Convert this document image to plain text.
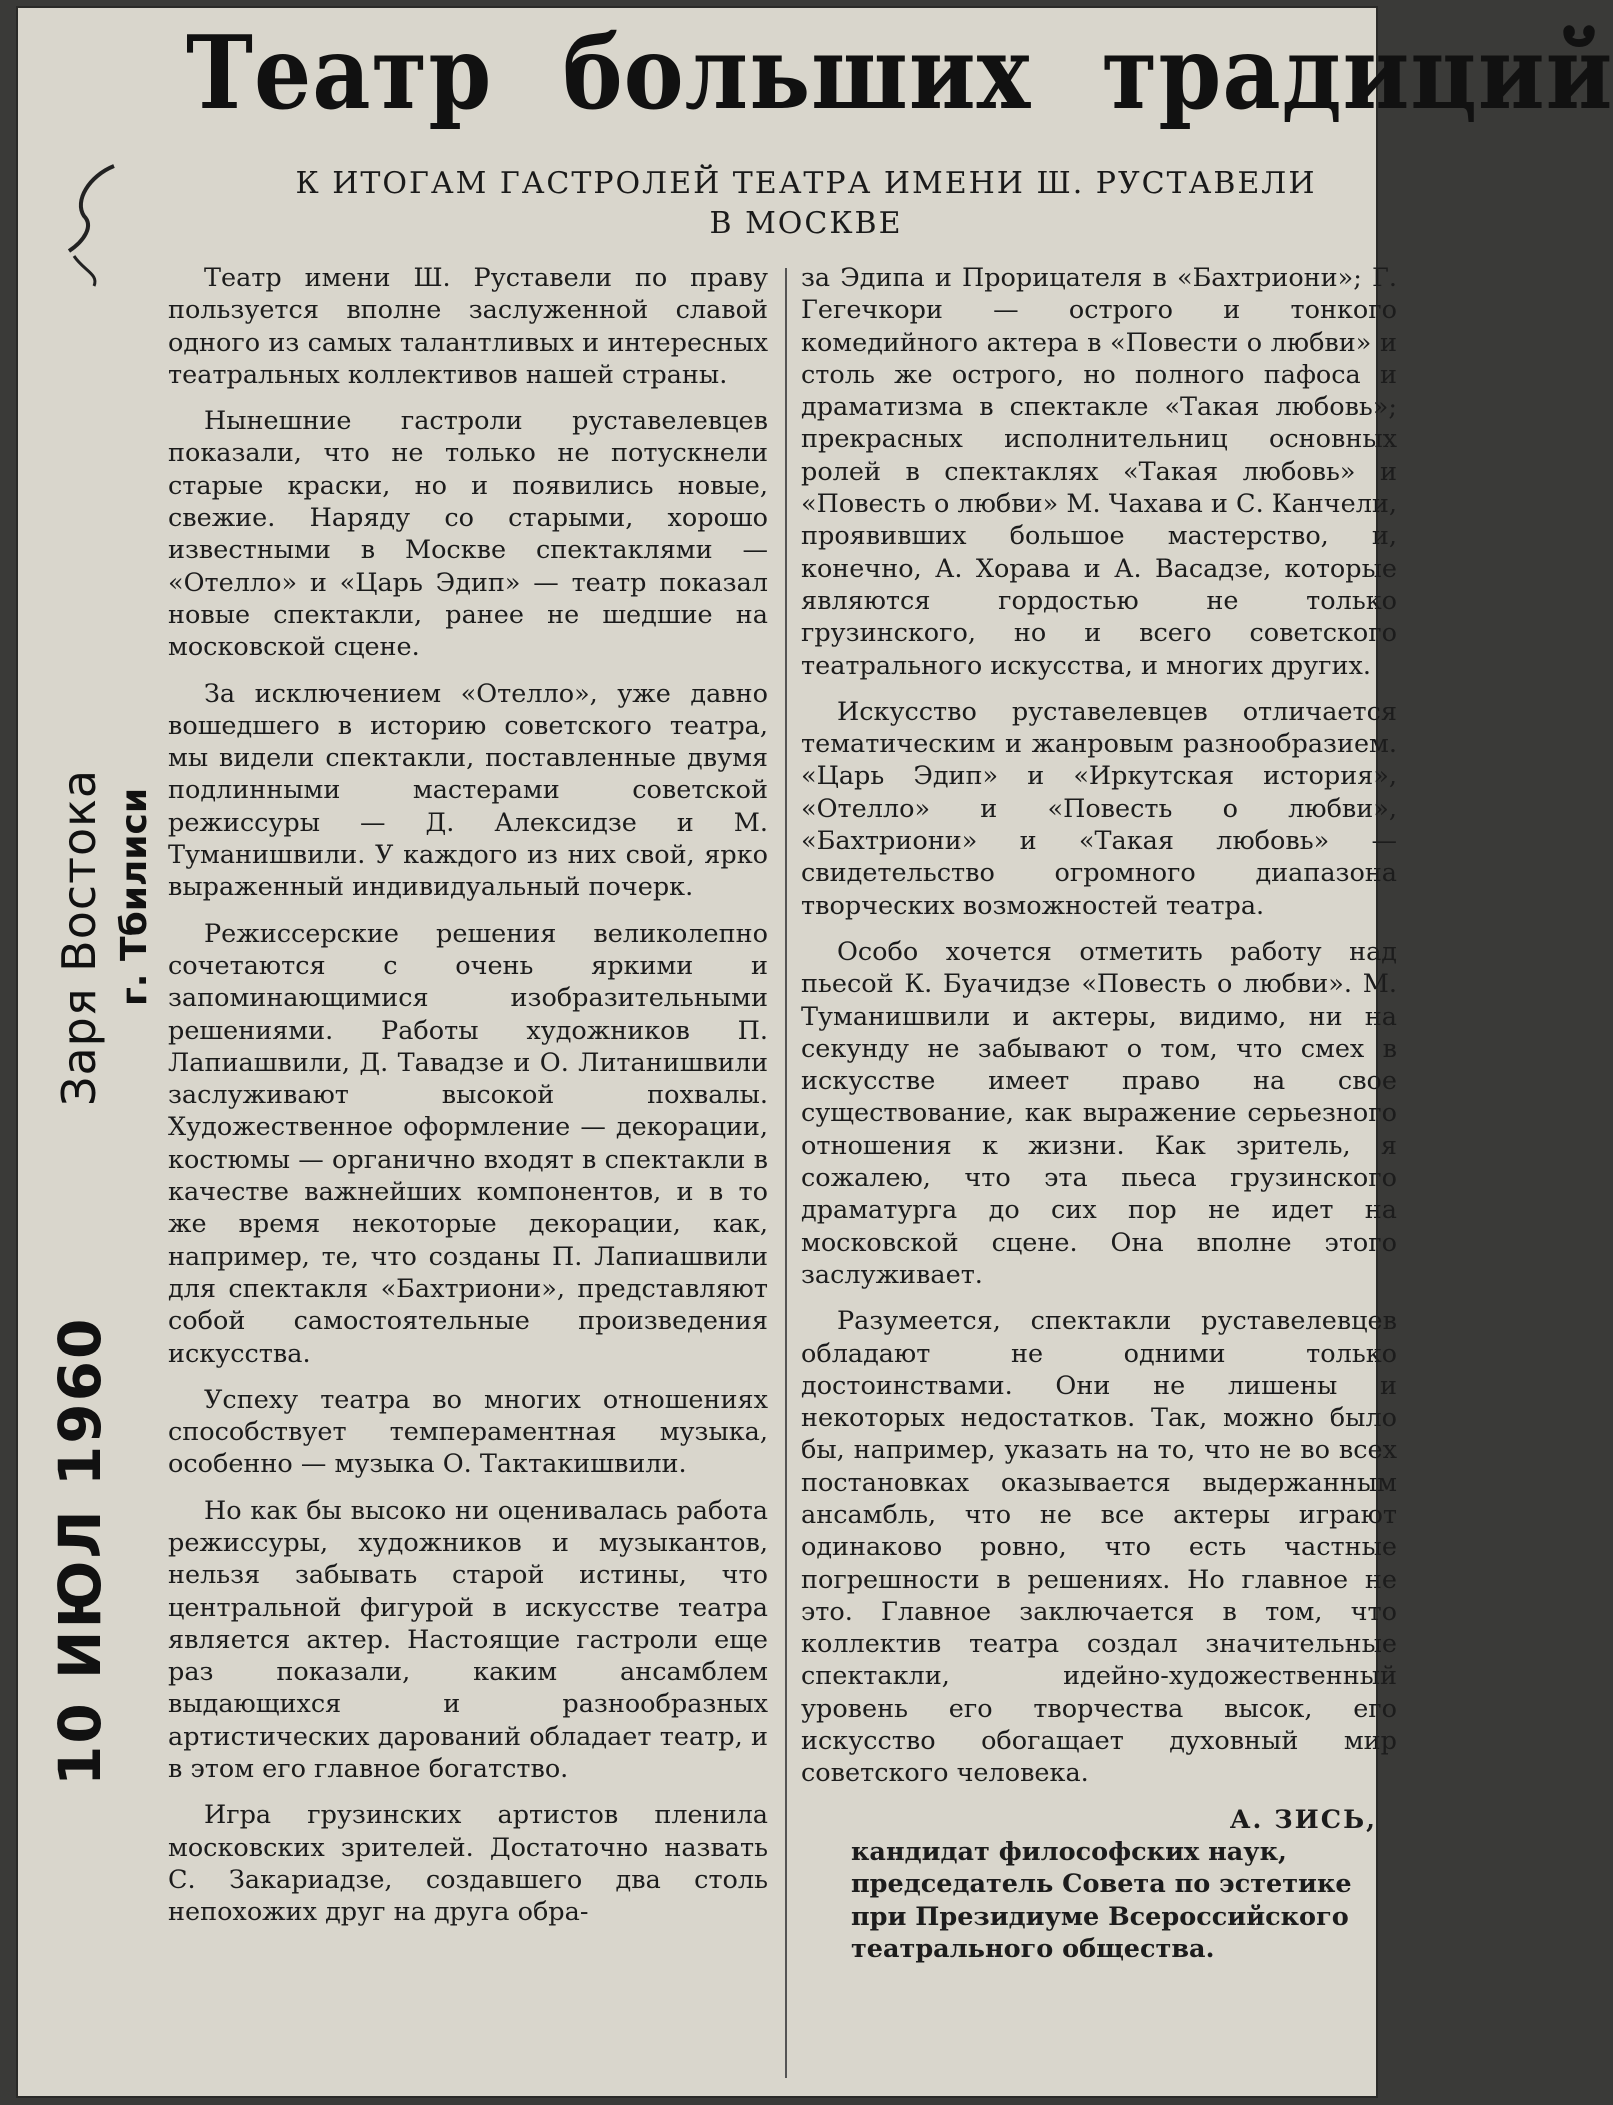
Театр больших традиций
К ИТОГАМ ГАСТРОЛЕЙ ТЕАТРА ИМЕНИ Ш. РУСТАВЕЛИ
В МОСКВЕ
Заря Востока г. Тбилиси
10 ИЮЛ 1960

Театр имени Ш. Руставели по праву пользуется вполне заслуженной славой одного из самых талантливых и интересных театральных коллективов нашей страны.

Нынешние гастроли руставелевцев показали, что не только не потускнели старые краски, но и появились новые, свежие. Наряду со старыми, хорошо известными в Москве спектаклями — «Отелло» и «Царь Эдип» — театр показал новые спектакли, ранее не шедшие на московской сцене.

За исключением «Отелло», уже давно вошедшего в историю советского театра, мы видели спектакли, поставленные двумя подлинными мастерами советской режиссуры — Д. Алексидзе и М. Туманишвили. У каждого из них свой, ярко выраженный индивидуальный почерк.

Режиссерские решения великолепно сочетаются с очень яркими и запоминающимися изобразительными решениями. Работы художников П. Лапиашвили, Д. Тавадзе и О. Литанишвили заслуживают высокой похвалы. Художественное оформление — декорации, костюмы — органично входят в спектакли в качестве важнейших компонентов, и в то же время некоторые декорации, как, например, те, что созданы П. Лапиашвили для спектакля «Бахтриони», представляют собой самостоятельные произведения искусства.

Успеху театра во многих отношениях способствует темпераментная музыка, особенно — музыка О. Тактакишвили.

Но как бы высоко ни оценивалась работа режиссуры, художников и музыкантов, нельзя забывать старой истины, что центральной фигурой в искусстве театра является актер. Настоящие гастроли еще раз показали, каким ансамблем выдающихся и разнообразных артистических дарований обладает театр, и в этом его главное богатство.

Игра грузинских артистов пленила московских зрителей. Достаточно назвать С. Закариадзе, создавшего два столь непохожих друг на друга обра-

за Эдипа и Прорицателя в «Бахтриони»; Г. Гегечкори — острого и тонкого комедийного актера в «Повести о любви» и столь же острого, но полного пафоса и драматизма в спектакле «Такая любовь»; прекрасных исполнительниц основных ролей в спектаклях «Такая любовь» и «Повесть о любви» М. Чахава и С. Канчели, проявивших большое мастерство, и, конечно, А. Хорава и А. Васадзе, которые являются гордостью не только грузинского, но и всего советского театрального искусства, и многих других.

Искусство руставелевцев отличается тематическим и жанровым разнообразием. «Царь Эдип» и «Иркутская история», «Отелло» и «Повесть о любви», «Бахтриони» и «Такая любовь» — свидетельство огромного диапазона творческих возможностей театра.

Особо хочется отметить работу над пьесой К. Буачидзе «Повесть о любви». М. Туманишвили и актеры, видимо, ни на секунду не забывают о том, что смех в искусстве имеет право на свое существование, как выражение серьезного отношения к жизни. Как зритель, я сожалею, что эта пьеса грузинского драматурга до сих пор не идет на московской сцене. Она вполне этого заслуживает.

Разумеется, спектакли руставелевцев обладают не одними только достоинствами. Они не лишены и некоторых недостатков. Так, можно было бы, например, указать на то, что не во всех постановках оказывается выдержанным ансамбль, что не все актеры играют одинаково ровно, что есть частные погрешности в решениях. Но главное не это. Главное заключается в том, что коллектив театра создал значительные спектакли, идейно-художественный уровень его творчества высок, его искусство обогащает духовный мир советского человека.

А. ЗИСЬ,
кандидат философских наук,
председатель Совета по эстетике при Президиуме Всероссийского театрального общества.
